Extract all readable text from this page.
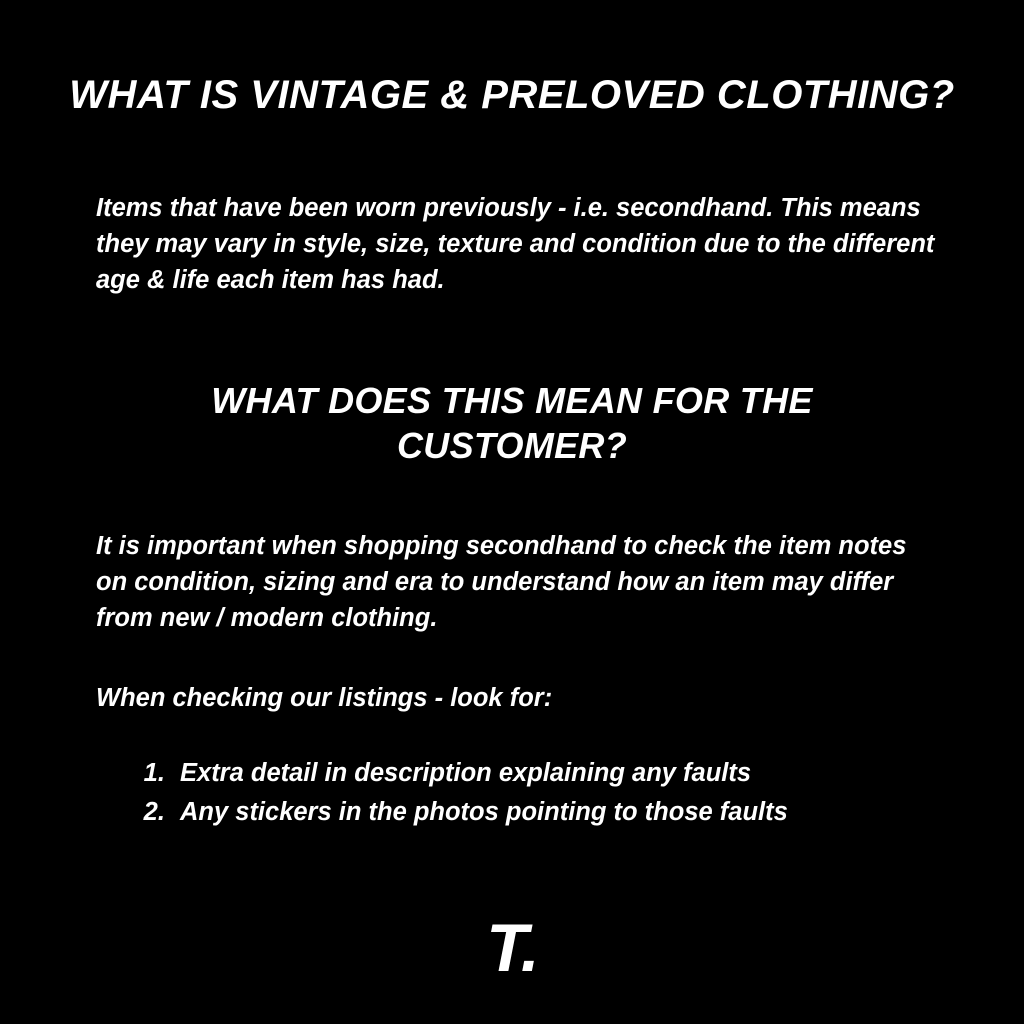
WHAT IS VINTAGE & PRELOVED CLOTHING?
Items that have been worn previously - i.e. secondhand. This means they may vary in style, size, texture and condition due to the different age & life each item has had.
WHAT DOES THIS MEAN FOR THE CUSTOMER?
It is important when shopping secondhand to check the item notes on condition, sizing and era to understand how an item may differ from new / modern clothing.
When checking our listings - look for:
1. Extra detail in description explaining any faults
2. Any stickers in the photos pointing to those faults
T.
